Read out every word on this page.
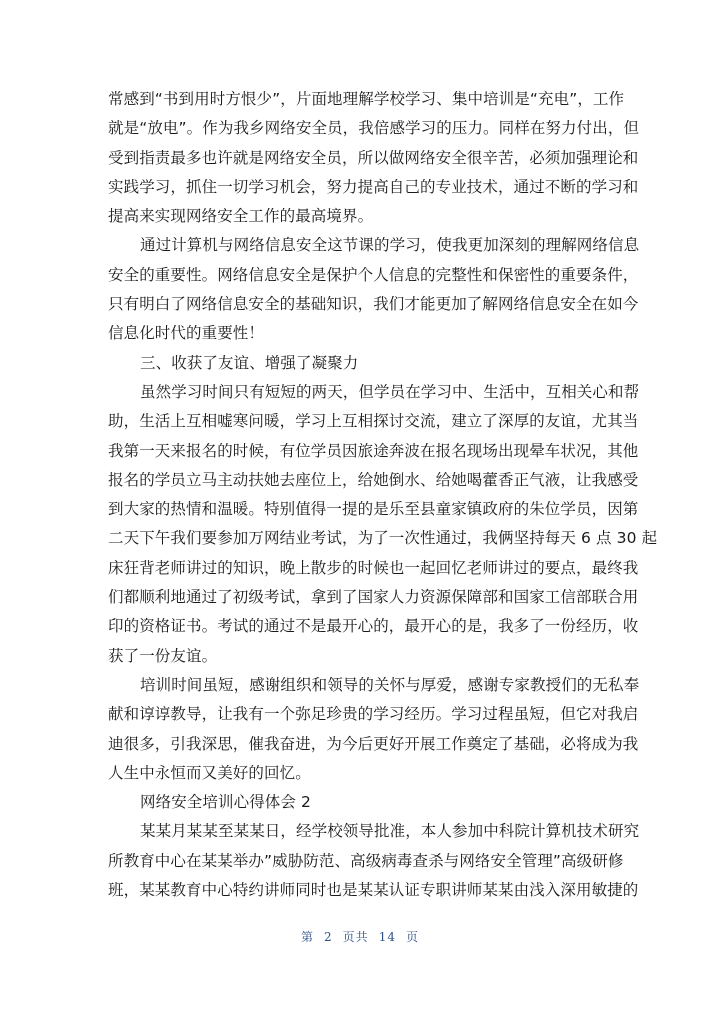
常感到“书到用时方恨少”，片面地理解学校学习、集中培训是“充电”，工作
就是“放电”。作为我乡网络安全员，我倍感学习的压力。同样在努力付出，但
受到指责最多也许就是网络安全员，所以做网络安全很辛苦，必须加强理论和
实践学习，抓住一切学习机会，努力提高自己的专业技术，通过不断的学习和
提高来实现网络安全工作的最高境界。
通过计算机与网络信息安全这节课的学习，使我更加深刻的理解网络信息
安全的重要性。网络信息安全是保护个人信息的完整性和保密性的重要条件，
只有明白了网络信息安全的基础知识，我们才能更加了解网络信息安全在如今
信息化时代的重要性！
三、收获了友谊、增强了凝聚力
虽然学习时间只有短短的两天，但学员在学习中、生活中，互相关心和帮
助，生活上互相嘘寒问暖，学习上互相探讨交流，建立了深厚的友谊，尤其当
我第一天来报名的时候，有位学员因旅途奔波在报名现场出现晕车状况，其他
报名的学员立马主动扶她去座位上，给她倒水、给她喝藿香正气液，让我感受
到大家的热情和温暖。特别值得一提的是乐至县童家镇政府的朱位学员，因第
二天下午我们要参加万网结业考试，为了一次性通过，我俩坚持每天 6 点 30 起
床狂背老师讲过的知识，晚上散步的时候也一起回忆老师讲过的要点，最终我
们都顺利地通过了初级考试，拿到了国家人力资源保障部和国家工信部联合用
印的资格证书。考试的通过不是最开心的，最开心的是，我多了一份经历，收
获了一份友谊。
培训时间虽短，感谢组织和领导的关怀与厚爱，感谢专家教授们的无私奉
献和谆谆教导，让我有一个弥足珍贵的学习经历。学习过程虽短，但它对我启
迪很多，引我深思，催我奋进，为今后更好开展工作奠定了基础，必将成为我
人生中永恒而又美好的回忆。
网络安全培训心得体会 2
某某月某某至某某日，经学校领导批准，本人参加中科院计算机技术研究
所教育中心在某某举办”威胁防范、高级病毒查杀与网络安全管理”高级研修
班，某某教育中心特约讲师同时也是某某认证专职讲师某某由浅入深用敏捷的
第 2 页共 14 页
